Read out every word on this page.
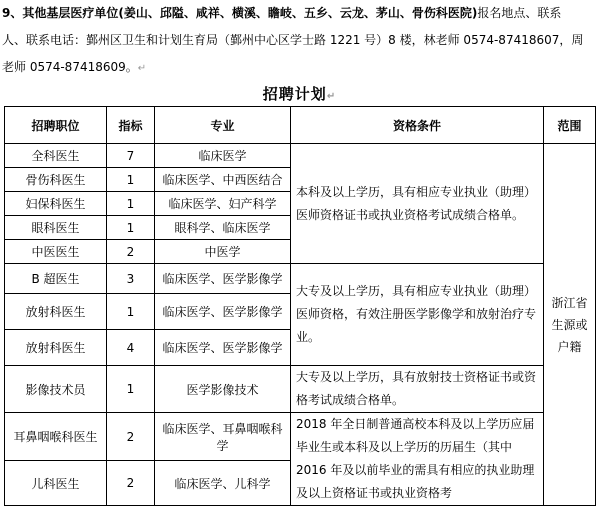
9、其他基层医疗单位(姜山、邱隘、咸祥、横溪、瞻岐、五乡、云龙、茅山、骨伤科医院)报名地点、联系
人、联系电话：鄞州区卫生和计划生育局（鄞州中心区学士路 1221 号）8 楼，林老师 0574-87418607，周
老师 0574-87418609。↵
招聘计划↵
招聘职位	指标	专业	资格条件	范围
全科医生	7	临床医学	本科及以上学历，具有相应专业执业（助理）医师资格证书或执业资格考试成绩合格单。	浙江省生源或户籍
骨伤科医生	1	临床医学、中西医结合		
妇保科医生	1	临床医学、妇产科学		
眼科医生	1	眼科学、临床医学		
中医医生	2	中医学		
B 超医生	3	临床医学、医学影像学	大专及以上学历，具有相应专业执业（助理）医师资格，有效注册医学影像学和放射治疗专业。	
放射科医生	1	临床医学、医学影像学		
放射科医生	4	临床医学、医学影像学		
影像技术员	1	医学影像技术	大专及以上学历，具有放射技士资格证书或资格考试成绩合格单。	
耳鼻咽喉科医生	2	临床医学、耳鼻咽喉科学	2018 年全日制普通高校本科及以上学历应届毕业生或本科及以上学历的历届生（其中 2016 年及以前毕业的需具有相应的执业助理及以上资格证书或执业资格考	
儿科医生	2	临床医学、儿科学		
